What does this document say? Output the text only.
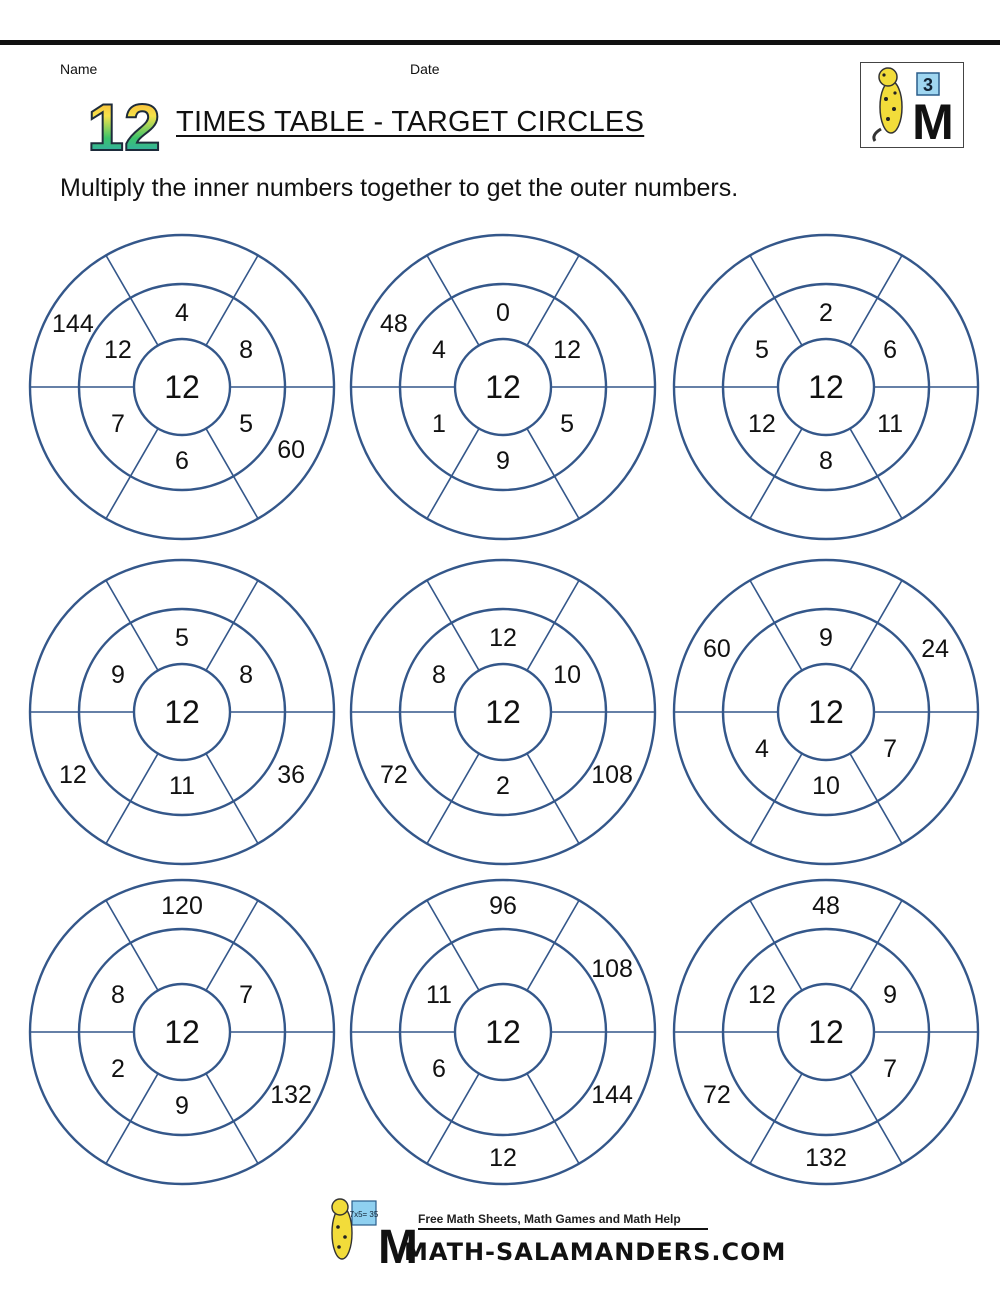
Name	Date
12 TIMES TABLE - TARGET CIRCLES
Multiply the inner numbers together to get the outer numbers.
3
M
12
4
8
5
60
6
7
12
144
12
0
12
5
9
1
4
48
12
2
6
11
8
12
5
12
5
8
36
11
12
9
12
12
10
108
2
72
8
12
9	24
7
10
4
60
12
120
7
132
9
2
8
12
96
108
144
12
6
11
12
48
9
7
132
72
12
7x5= 35
M
Free Math Sheets, Math Games and Math Help
MATH-SALAMANDERS.COM
